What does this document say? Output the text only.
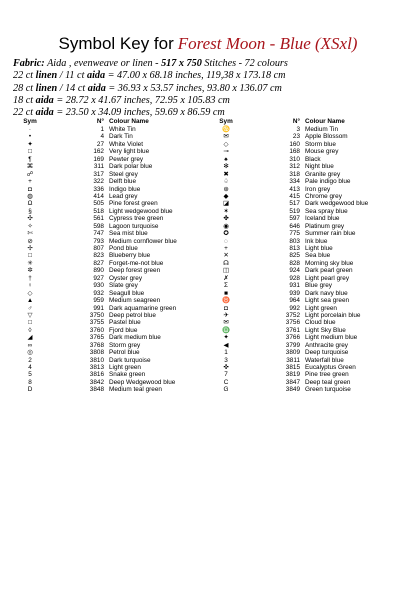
Symbol Key for Forest Moon - Blue (XSxl)
Fabric: Aida , evenweave or linen - 517 x 750 Stitches - 72 colours
22 ct linen / 11 ct aida = 47.00 x 68.18 inches, 119,38 x 173.18 cm
28 ct linen / 14 ct aida = 36.93 x 53.57 inches, 93.80 x 136.07 cm
18 ct aida = 28.72 x 41.67 inches, 72.95 x 105.83 cm
22 ct aida = 23.50 x 34.09 inches, 59.69 x 86.59 cm
Sym	N° Colour Name
·	1 White Tin
•	4 Dark Tin
✦	27 White Violet
□	162 Very light blue
¶	169 Pewter grey
⌘	311 Dark polar blue
☍	317 Steel grey
+	322 Delft blue
◘	336 Indigo blue
◍	414 Lead grey
Ω	505 Pine forest green
§	518 Light wedgewood blue
✣	561 Cypress tree green
✧	598 Lagoon turquoise
✄	747 Sea mist blue
⊘	793 Medium cornflower blue
✢	807 Pond blue
□	823 Blueberry blue
✳	827 Forget-me-not blue
✲	890 Deep forest green
†	927 Oyster grey
♀	930 Slate grey
◇	932 Seagull blue
▲	959 Medium seagreen
♂	991 Dark aquamarine green
▽	3750 Deep petrol blue
□	3755 Pastel blue
◊	3760 Fjord blue
◢	3765 Dark medium blue
∞	3768 Storm grey
◎	3808 Petrol blue
2	3810 Dark turquoise
4	3813 Light green
5	3816 Snake green
8	3842 Deep Wedgewood blue
D	3848 Medium teal green
Sym	N° Colour Name
♋	3 Medium Tin
✉	23 Apple Blossom
◇	160 Storm blue
⊸	168 Mouse grey
♠	310 Black
✻	312 Night blue
✖	318 Granite grey
♤	334 Pale indigo blue
⊛	413 Iron grey
◆	415 Chrome grey
◪	517 Dark wedgewood blue
✶	519 Sea spray blue
✤	597 Iceland blue
◉	646 Platinum grey
✪	775 Summer rain blue
◌	803 Ink blue
+	813 Light blue
✕	825 Sea blue
☊	828 Morning sky blue
◫	924 Dark pearl green
✗	928 Light pearl grey
Σ	931 Blue grey
■	939 Dark navy blue
♉	964 Light sea green
◘	992 Light green
✈	3752 Light porcelain blue
✉	3756 Cloud blue
♎	3761 Light Sky Blue
✦	3766 Light medium blue
◀	3799 Anthracite grey
1	3809 Deep turquoise
3	3811 Waterfall blue
✜	3815 Eucalyptus Green
7	3819 Pine tree green
C	3847 Deep teal green
G	3849 Green turquoise
